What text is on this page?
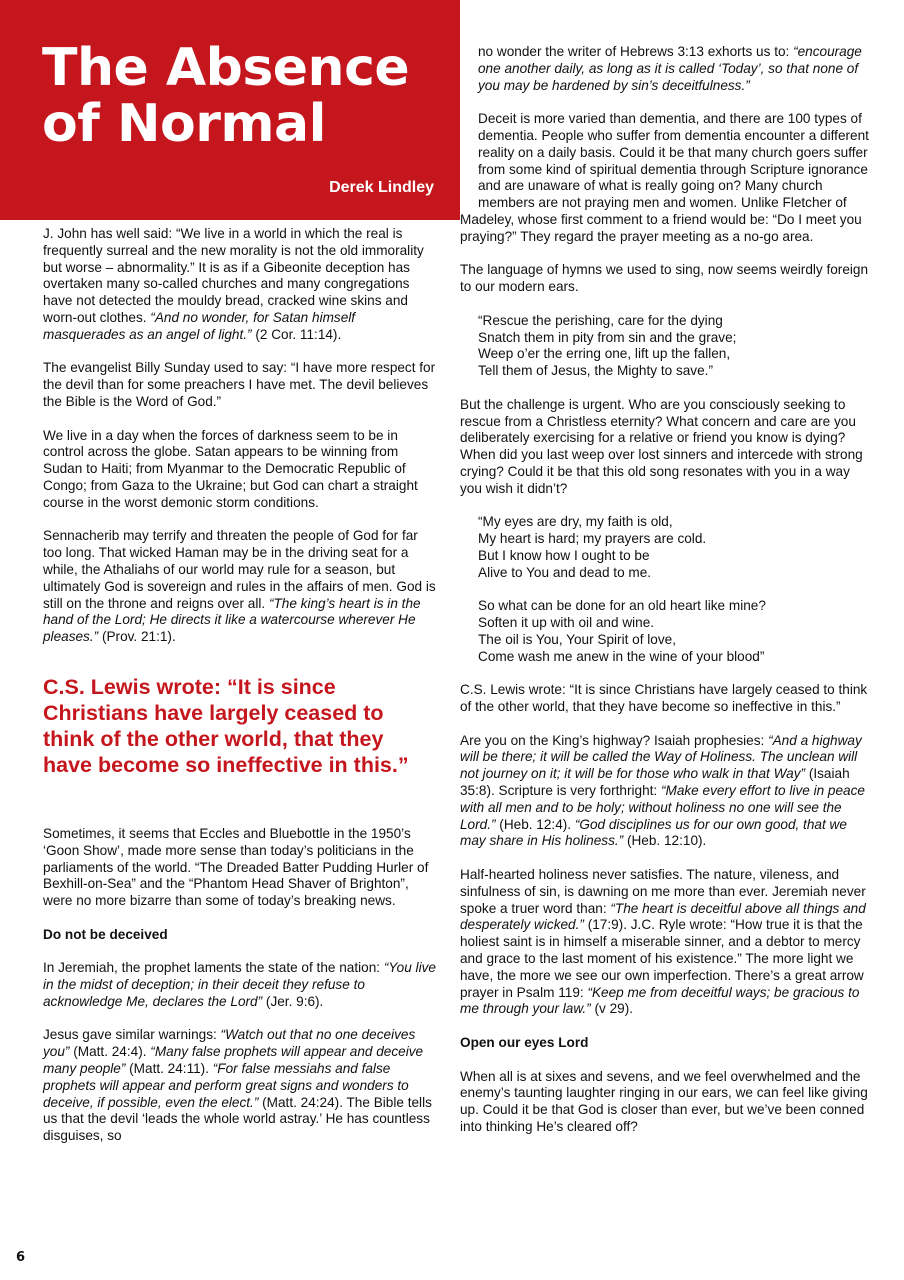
The Absence of Normal
Derek Lindley

J. John has well said: “We live in a world in which the real is frequently surreal and the new morality is not the old immorality but worse – abnormality.” It is as if a Gibeonite deception has overtaken many so-called churches and many congregations have not detected the mouldy bread, cracked wine skins and worn-out clothes. “And no wonder, for Satan himself masquerades as an angel of light.” (2 Cor. 11:14).

The evangelist Billy Sunday used to say: “I have more respect for the devil than for some preachers I have met. The devil believes the Bible is the Word of God.”

We live in a day when the forces of darkness seem to be in control across the globe. Satan appears to be winning from Sudan to Haiti; from Myanmar to the Democratic Republic of Congo; from Gaza to the Ukraine; but God can chart a straight course in the worst demonic storm conditions.

Sennacherib may terrify and threaten the people of God for far too long. That wicked Haman may be in the driving seat for a while, the Athaliahs of our world may rule for a season, but ultimately God is sovereign and rules in the affairs of men. God is still on the throne and reigns over all. “The king’s heart is in the hand of the Lord; He directs it like a watercourse wherever He pleases.” (Prov. 21:1).

C.S. Lewis wrote: “It is since Christians have largely ceased to think of the other world, that they have become so ineffective in this.”

Sometimes, it seems that Eccles and Bluebottle in the 1950’s ‘Goon Show’, made more sense than today’s politicians in the parliaments of the world. “The Dreaded Batter Pudding Hurler of Bexhill-on-Sea” and the “Phantom Head Shaver of Brighton”, were no more bizarre than some of today’s breaking news.

Do not be deceived

In Jeremiah, the prophet laments the state of the nation: “You live in the midst of deception; in their deceit they refuse to acknowledge Me, declares the Lord” (Jer. 9:6).

Jesus gave similar warnings: “Watch out that no one deceives you” (Matt. 24:4). “Many false prophets will appear and deceive many people” (Matt. 24:11). “For false messiahs and false prophets will appear and perform great signs and wonders to deceive, if possible, even the elect.” (Matt. 24:24). The Bible tells us that the devil ‘leads the whole world astray.’ He has countless disguises, so

no wonder the writer of Hebrews 3:13 exhorts us to: “encourage one another daily, as long as it is called ‘Today’, so that none of you may be hardened by sin’s deceitfulness.”

Deceit is more varied than dementia, and there are 100 types of dementia. People who suffer from dementia encounter a different reality on a daily basis. Could it be that many church goers suffer from some kind of spiritual dementia through Scripture ignorance and are unaware of what is really going on? Many church members are not praying men and women. Unlike Fletcher of Madeley, whose first comment to a friend would be: “Do I meet you praying?” They regard the prayer meeting as a no-go area.

The language of hymns we used to sing, now seems weirdly foreign to our modern ears.

“Rescue the perishing, care for the dying
Snatch them in pity from sin and the grave;
Weep o’er the erring one, lift up the fallen,
Tell them of Jesus, the Mighty to save.”

But the challenge is urgent. Who are you consciously seeking to rescue from a Christless eternity? What concern and care are you deliberately exercising for a relative or friend you know is dying? When did you last weep over lost sinners and intercede with strong crying? Could it be that this old song resonates with you in a way you wish it didn’t?

“My eyes are dry, my faith is old,
My heart is hard; my prayers are cold.
But I know how I ought to be
Alive to You and dead to me.

So what can be done for an old heart like mine?
Soften it up with oil and wine.
The oil is You, Your Spirit of love,
Come wash me anew in the wine of your blood”

C.S. Lewis wrote: “It is since Christians have largely ceased to think of the other world, that they have become so ineffective in this.”

Are you on the King’s highway? Isaiah prophesies: “And a highway will be there; it will be called the Way of Holiness. The unclean will not journey on it; it will be for those who walk in that Way” (Isaiah 35:8). Scripture is very forthright: “Make every effort to live in peace with all men and to be holy; without holiness no one will see the Lord.” (Heb. 12:4). “God disciplines us for our own good, that we may share in His holiness.” (Heb. 12:10).

Half-hearted holiness never satisfies. The nature, vileness, and sinfulness of sin, is dawning on me more than ever. Jeremiah never spoke a truer word than: “The heart is deceitful above all things and desperately wicked.” (17:9). J.C. Ryle wrote: “How true it is that the holiest saint is in himself a miserable sinner, and a debtor to mercy and grace to the last moment of his existence.” The more light we have, the more we see our own imperfection. There’s a great arrow prayer in Psalm 119: “Keep me from deceitful ways; be gracious to me through your law.” (v 29).

Open our eyes Lord

When all is at sixes and sevens, and we feel overwhelmed and the enemy’s taunting laughter ringing in our ears, we can feel like giving up. Could it be that God is closer than ever, but we’ve been conned into thinking He’s cleared off?

6
